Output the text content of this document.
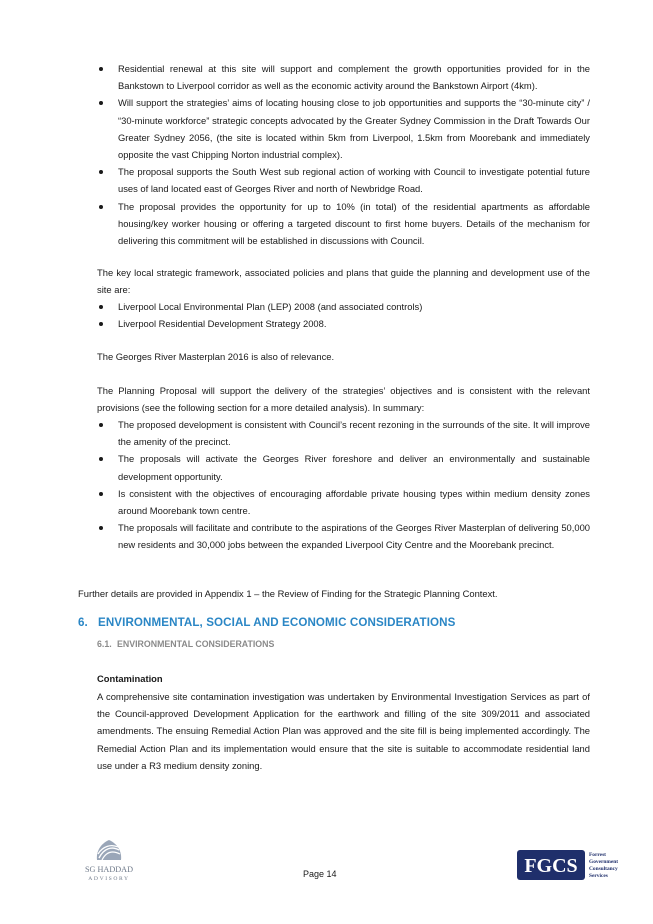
Residential renewal at this site will support and complement the growth opportunities provided for in the Bankstown to Liverpool corridor as well as the economic activity around the Bankstown Airport (4km).
Will support the strategies’ aims of locating housing close to job opportunities and supports the “30-minute city” / “30-minute workforce” strategic concepts advocated by the Greater Sydney Commission in the Draft Towards Our Greater Sydney 2056, (the site is located within 5km from Liverpool, 1.5km from Moorebank and immediately opposite the vast Chipping Norton industrial complex).
The proposal supports the South West sub regional action of working with Council to investigate potential future uses of land located east of Georges River and north of Newbridge Road.
The proposal provides the opportunity for up to 10% (in total) of the residential apartments as affordable housing/key worker housing or offering a targeted discount to first home buyers. Details of the mechanism for delivering this commitment will be established in discussions with Council.

The key local strategic framework, associated policies and plans that guide the planning and development use of the site are:

Liverpool Local Environmental Plan (LEP) 2008 (and associated controls)
Liverpool Residential Development Strategy 2008.

The Georges River Masterplan 2016 is also of relevance.

The Planning Proposal will support the delivery of the strategies’ objectives and is consistent with the relevant provisions (see the following section for a more detailed analysis). In summary:

The proposed development is consistent with Council’s recent rezoning in the surrounds of the site. It will improve the amenity of the precinct.
The proposals will activate the Georges River foreshore and deliver an environmentally and sustainable development opportunity.
Is consistent with the objectives of encouraging affordable private housing types within medium density zones around Moorebank town centre.
The proposals will facilitate and contribute to the aspirations of the Georges River Masterplan of delivering 50,000 new residents and 30,000 jobs between the expanded Liverpool City Centre and the Moorebank precinct.

Further details are provided in Appendix 1 – the Review of Finding for the Strategic Planning Context.

6. ENVIRONMENTAL, SOCIAL AND ECONOMIC CONSIDERATIONS
6.1. ENVIRONMENTAL CONSIDERATIONS
Contamination

A comprehensive site contamination investigation was undertaken by Environmental Investigation Services as part of the Council-approved Development Application for the earthwork and filling of the site 309/2011 and associated amendments. The ensuing Remedial Action Plan was approved and the site fill is being implemented accordingly. The Remedial Action Plan and its implementation would ensure that the site is suitable to accommodate residential land use under a R3 medium density zoning.

SG HADDAD
ADVISORY	Page 14	FGCS Forrest
Government
Consultancy
Services
